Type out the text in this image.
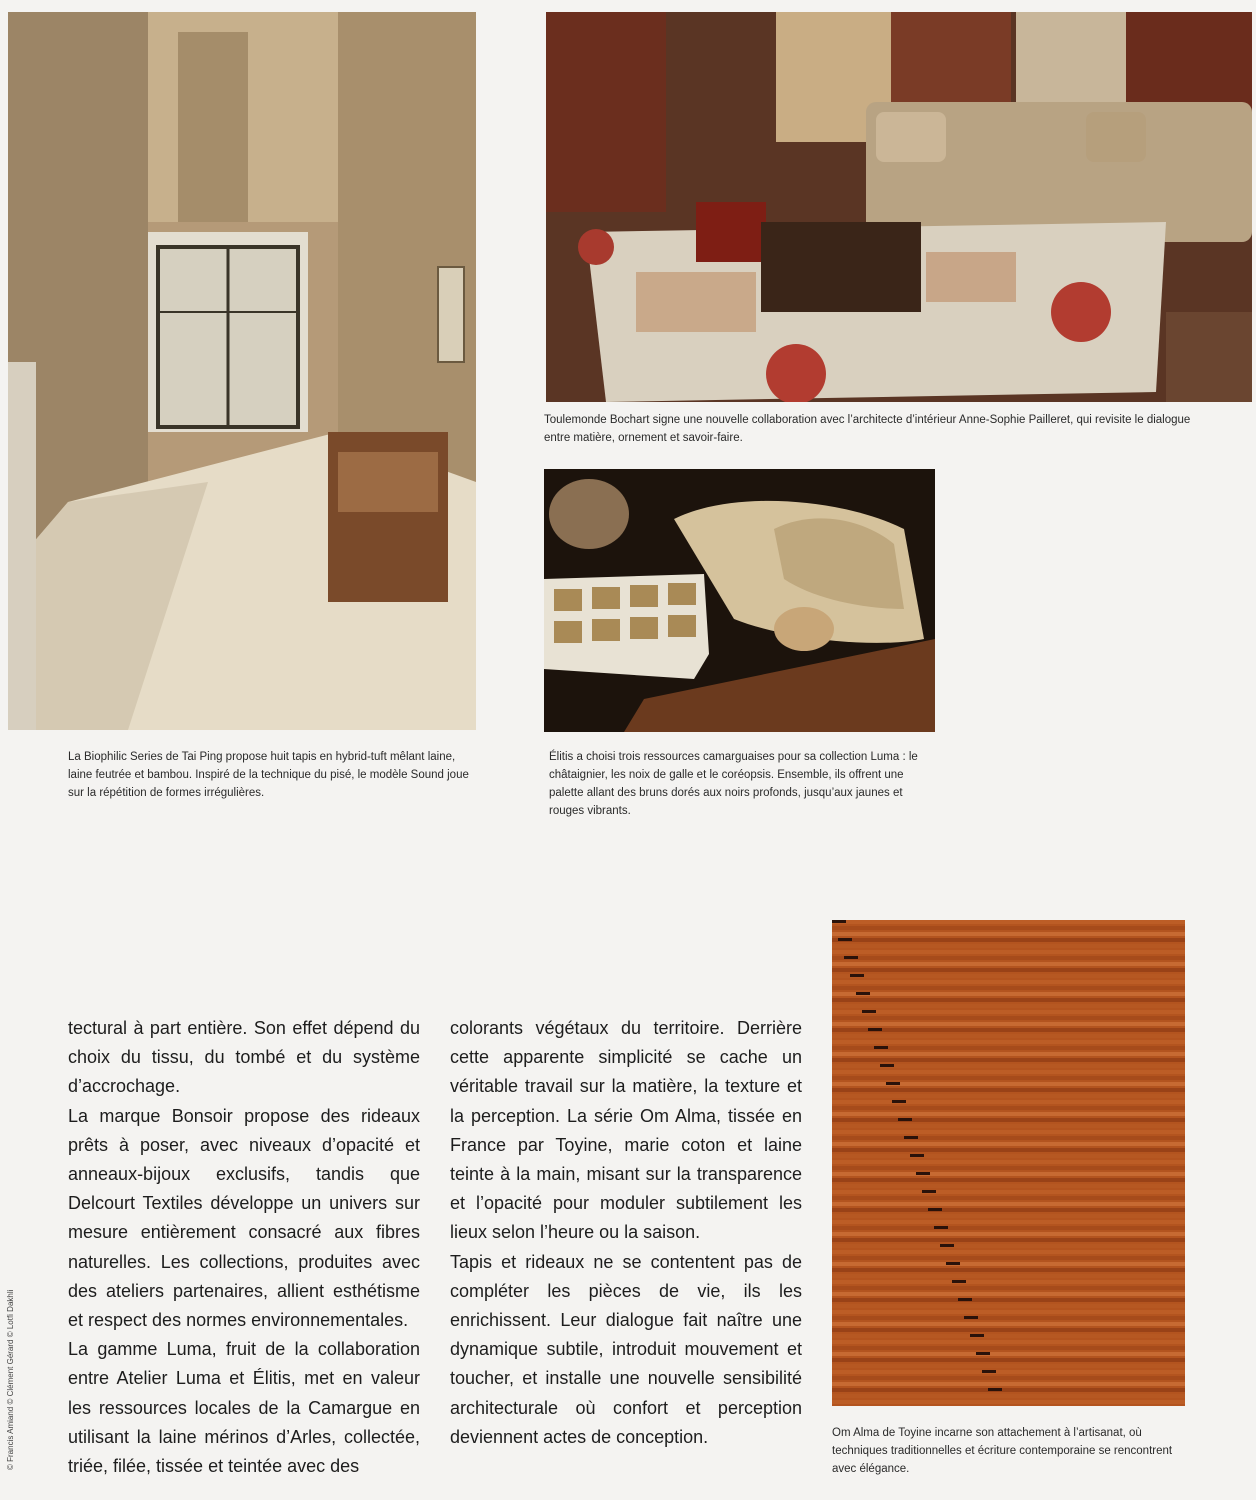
Toulemonde Bochart signe une nouvelle collaboration avec l’architecte d’intérieur Anne-Sophie Pailleret, qui revisite le dialogue entre matière, ornement et savoir-faire.
La Biophilic Series de Tai Ping propose huit tapis en hybrid-tuft mêlant laine, laine feutrée et bambou. Inspiré de la technique du pisé, le modèle Sound joue sur la répétition de formes irrégulières.
Élitis a choisi trois ressources camarguaises pour sa collection Luma : le châtaignier, les noix de galle et le coréopsis. Ensemble, ils offrent une palette allant des bruns dorés aux noirs profonds, jusqu’aux jaunes et rouges vibrants.
Om Alma de Toyine incarne son attachement à l’artisanat, où techniques traditionnelles et écriture contemporaine se rencontrent avec élégance.

tectural à part entière. Son effet dépend du choix du tissu, du tombé et du système d’accrochage.

La marque Bonsoir propose des rideaux prêts à poser, avec niveaux d’opacité et anneaux-bijoux exclusifs, tandis que Delcourt Textiles développe un univers sur mesure entièrement consacré aux fibres naturelles. Les collections, produites avec des ateliers partenaires, allient esthétisme et respect des normes environnementales.

La gamme Luma, fruit de la collaboration entre Atelier Luma et Élitis, met en valeur les ressources locales de la Camargue en utilisant la laine mérinos d’Arles, collectée, triée, filée, tissée et teintée avec des

colorants végétaux du territoire. Derrière cette apparente simplicité se cache un véritable travail sur la matière, la texture et la perception. La série Om Alma, tissée en France par Toyine, marie coton et laine teinte à la main, misant sur la transparence et l’opacité pour moduler subtilement les lieux selon l’heure ou la saison.

Tapis et rideaux ne se contentent pas de compléter les pièces de vie, ils les enrichissent. Leur dialogue fait naître une dynamique subtile, introduit mouvement et toucher, et installe une nouvelle sensibilité architecturale où confort et perception deviennent actes de conception.

© Francis Amiand © Clément Gérard © Lotfi Dakhli
